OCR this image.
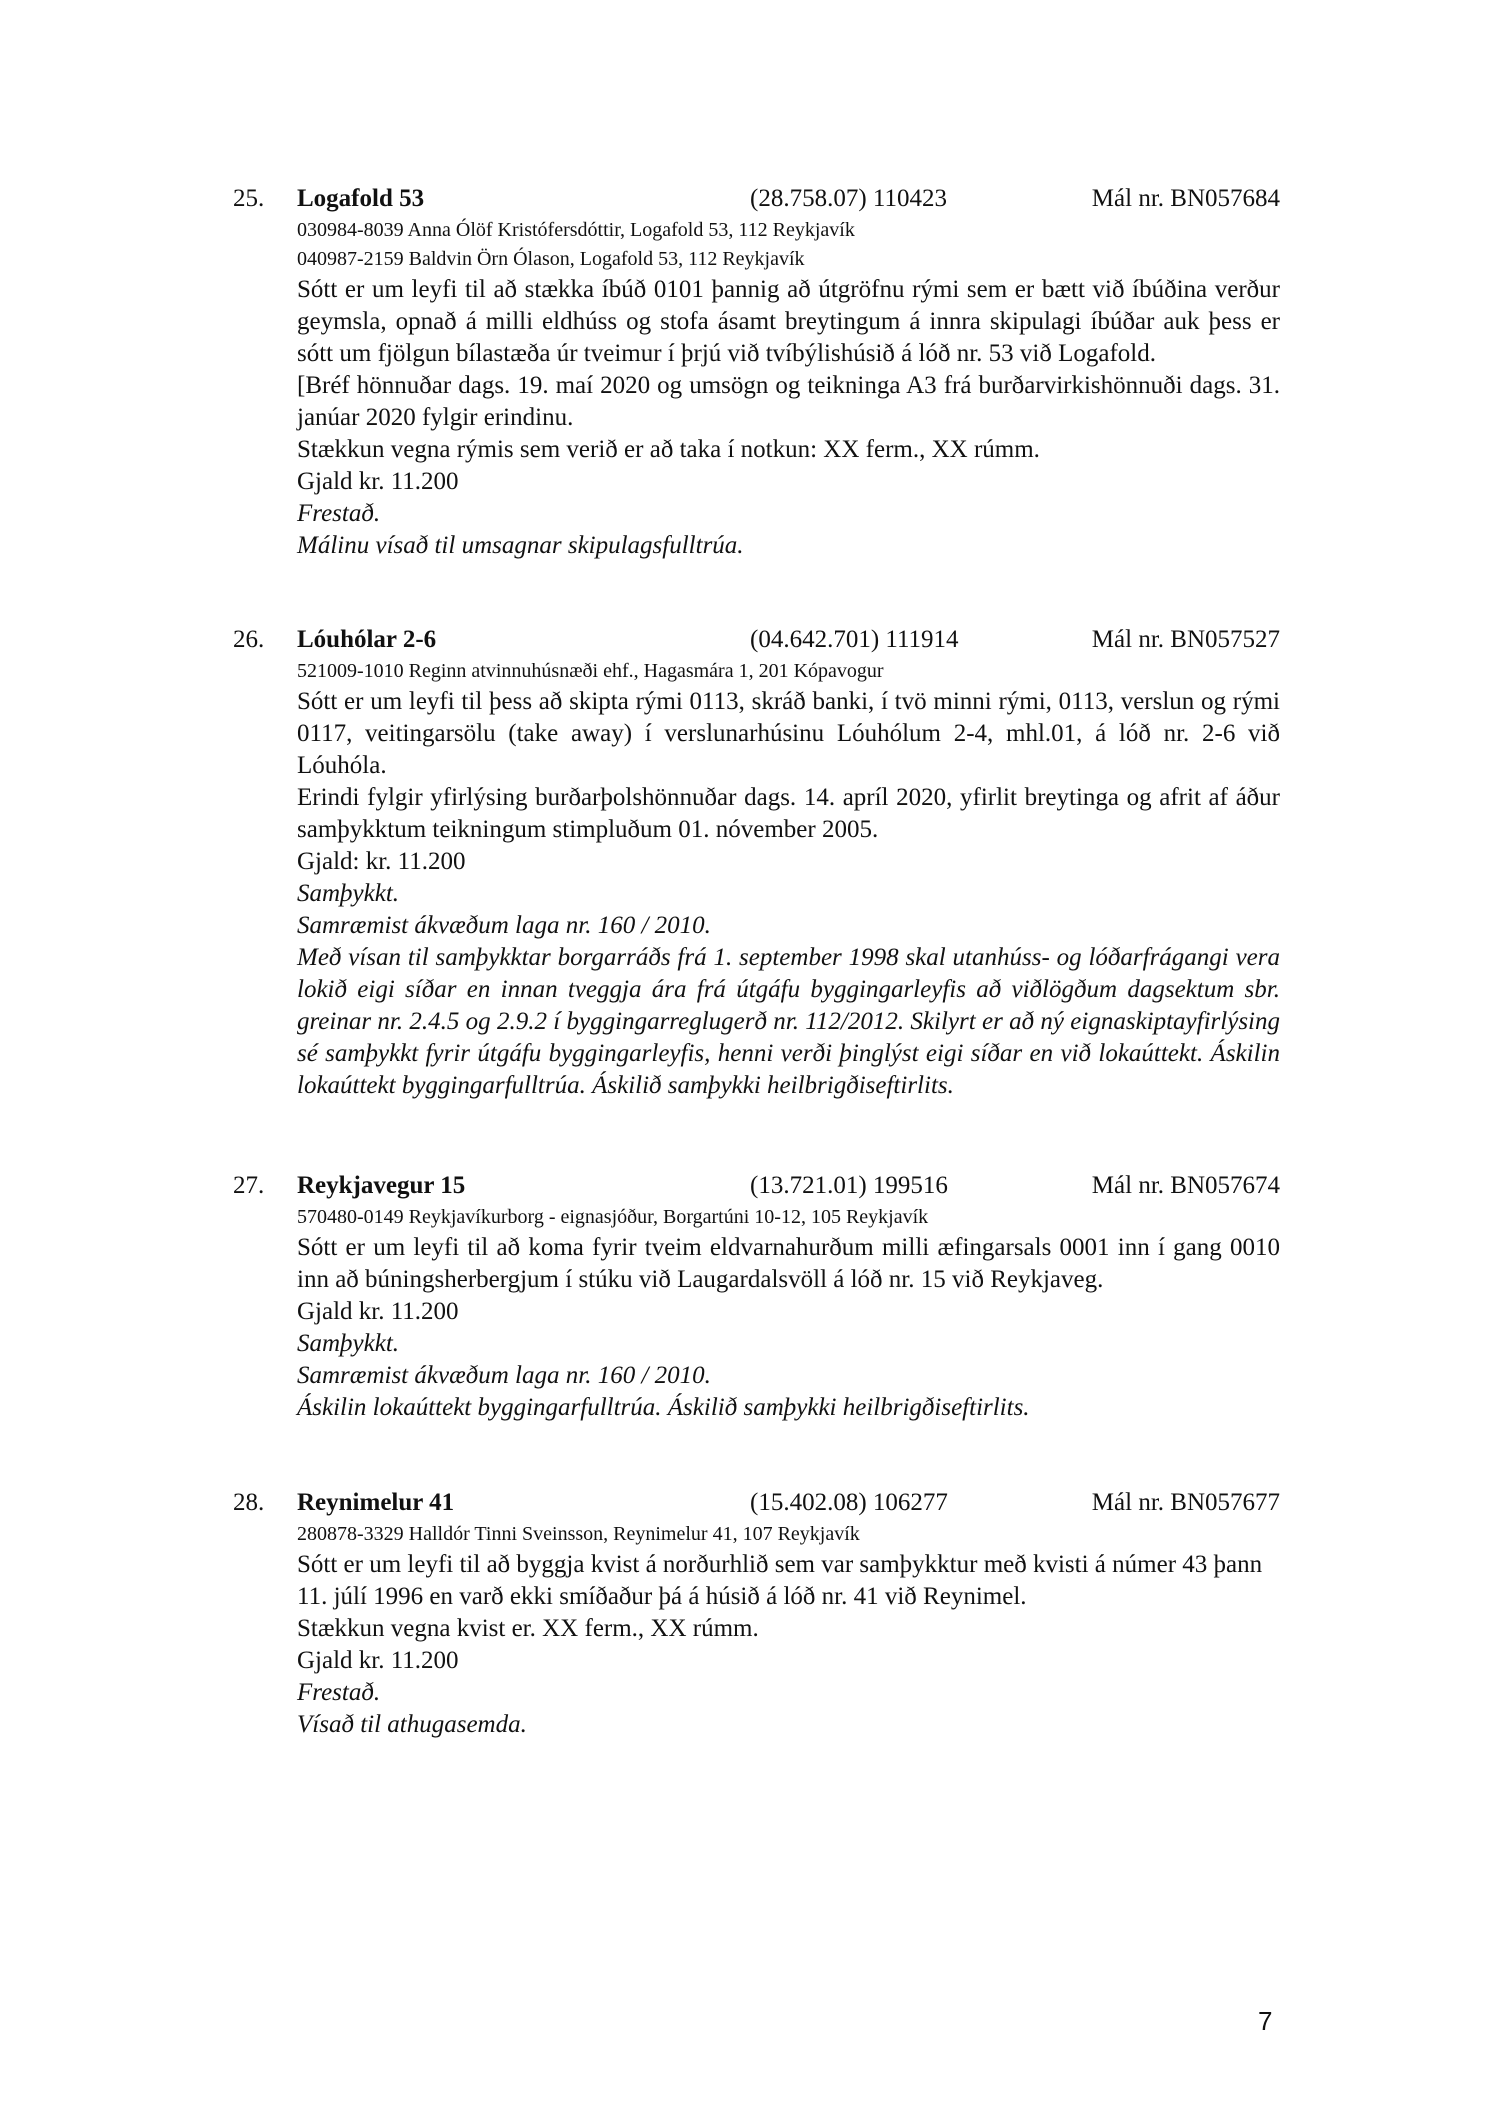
25. Logafold 53	(28.758.07) 110423	Mál nr. BN057684
030984-8039 Anna Ólöf Kristófersdóttir, Logafold 53, 112 Reykjavík
040987-2159 Baldvin Örn Ólason, Logafold 53, 112 Reykjavík
Sótt er um leyfi til að stækka íbúð 0101 þannig að útgröfnu rými sem er bætt við íbúðina verður geymsla, opnað á milli eldhúss og stofa ásamt breytingum á innra skipulagi íbúðar auk þess er sótt um fjölgun bílastæða úr tveimur í þrjú við tvíbýlishúsið á lóð nr. 53 við Logafold.
[Bréf hönnuðar dags. 19. maí 2020 og umsögn og teikninga A3 frá burðarvirkishönnuði dags. 31. janúar 2020 fylgir erindinu.
Stækkun vegna rýmis sem verið er að taka í notkun: XX ferm., XX rúmm.
Gjald kr. 11.200
Frestað.
Málinu vísað til umsagnar skipulagsfulltrúa.
26. Lóuhólar 2-6	(04.642.701) 111914	Mál nr. BN057527
521009-1010 Reginn atvinnuhúsnæði ehf., Hagasmára 1, 201 Kópavogur
Sótt er um leyfi til þess að skipta rými 0113, skráð banki, í tvö minni rými, 0113, verslun og rými 0117, veitingarsölu (take away) í verslunarhúsinu Lóuhólum 2-4, mhl.01, á lóð nr. 2-6 við Lóuhóla.
Erindi fylgir yfirlýsing burðarþolshönnuðar dags. 14. apríl 2020, yfirlit breytinga og afrit af áður samþykktum teikningum stimpluðum 01. nóvember 2005.
Gjald: kr. 11.200
Samþykkt.
Samræmist ákvæðum laga nr. 160 / 2010.
Með vísan til samþykktar borgarráðs frá 1. september 1998 skal utanhúss- og lóðarfrágangi vera lokið eigi síðar en innan tveggja ára frá útgáfu byggingarleyfis að viðlögðum dagsektum sbr. greinar nr. 2.4.5 og 2.9.2 í byggingarreglugerð nr. 112/2012. Skilyrt er að ný eignaskiptayfirlýsing sé samþykkt fyrir útgáfu byggingarleyfis, henni verði þinglýst eigi síðar en við lokaúttekt. Áskilin lokaúttekt byggingarfulltrúa. Áskilið samþykki heilbrigðiseftirlits.
27. Reykjavegur 15	(13.721.01) 199516	Mál nr. BN057674
570480-0149 Reykjavíkurborg - eignasjóður, Borgartúni 10-12, 105 Reykjavík
Sótt er um leyfi til að koma fyrir tveim eldvarnahurðum milli æfingarsals 0001 inn í gang 0010 inn að búningsherbergjum í stúku við Laugardalsvöll á lóð nr. 15 við Reykjaveg.
Gjald kr. 11.200
Samþykkt.
Samræmist ákvæðum laga nr. 160 / 2010.
Áskilin lokaúttekt byggingarfulltrúa. Áskilið samþykki heilbrigðiseftirlits.
28. Reynimelur 41	(15.402.08) 106277	Mál nr. BN057677
280878-3329 Halldór Tinni Sveinsson, Reynimelur 41, 107 Reykjavík
Sótt er um leyfi til að byggja kvist á norðurhlið sem var samþykktur með kvisti á númer 43 þann 11. júlí 1996 en varð ekki smíðaður þá á húsið á lóð nr. 41 við Reynimel.
Stækkun vegna kvist er. XX ferm., XX rúmm.
Gjald kr. 11.200
Frestað.
Vísað til athugasemda.
7
